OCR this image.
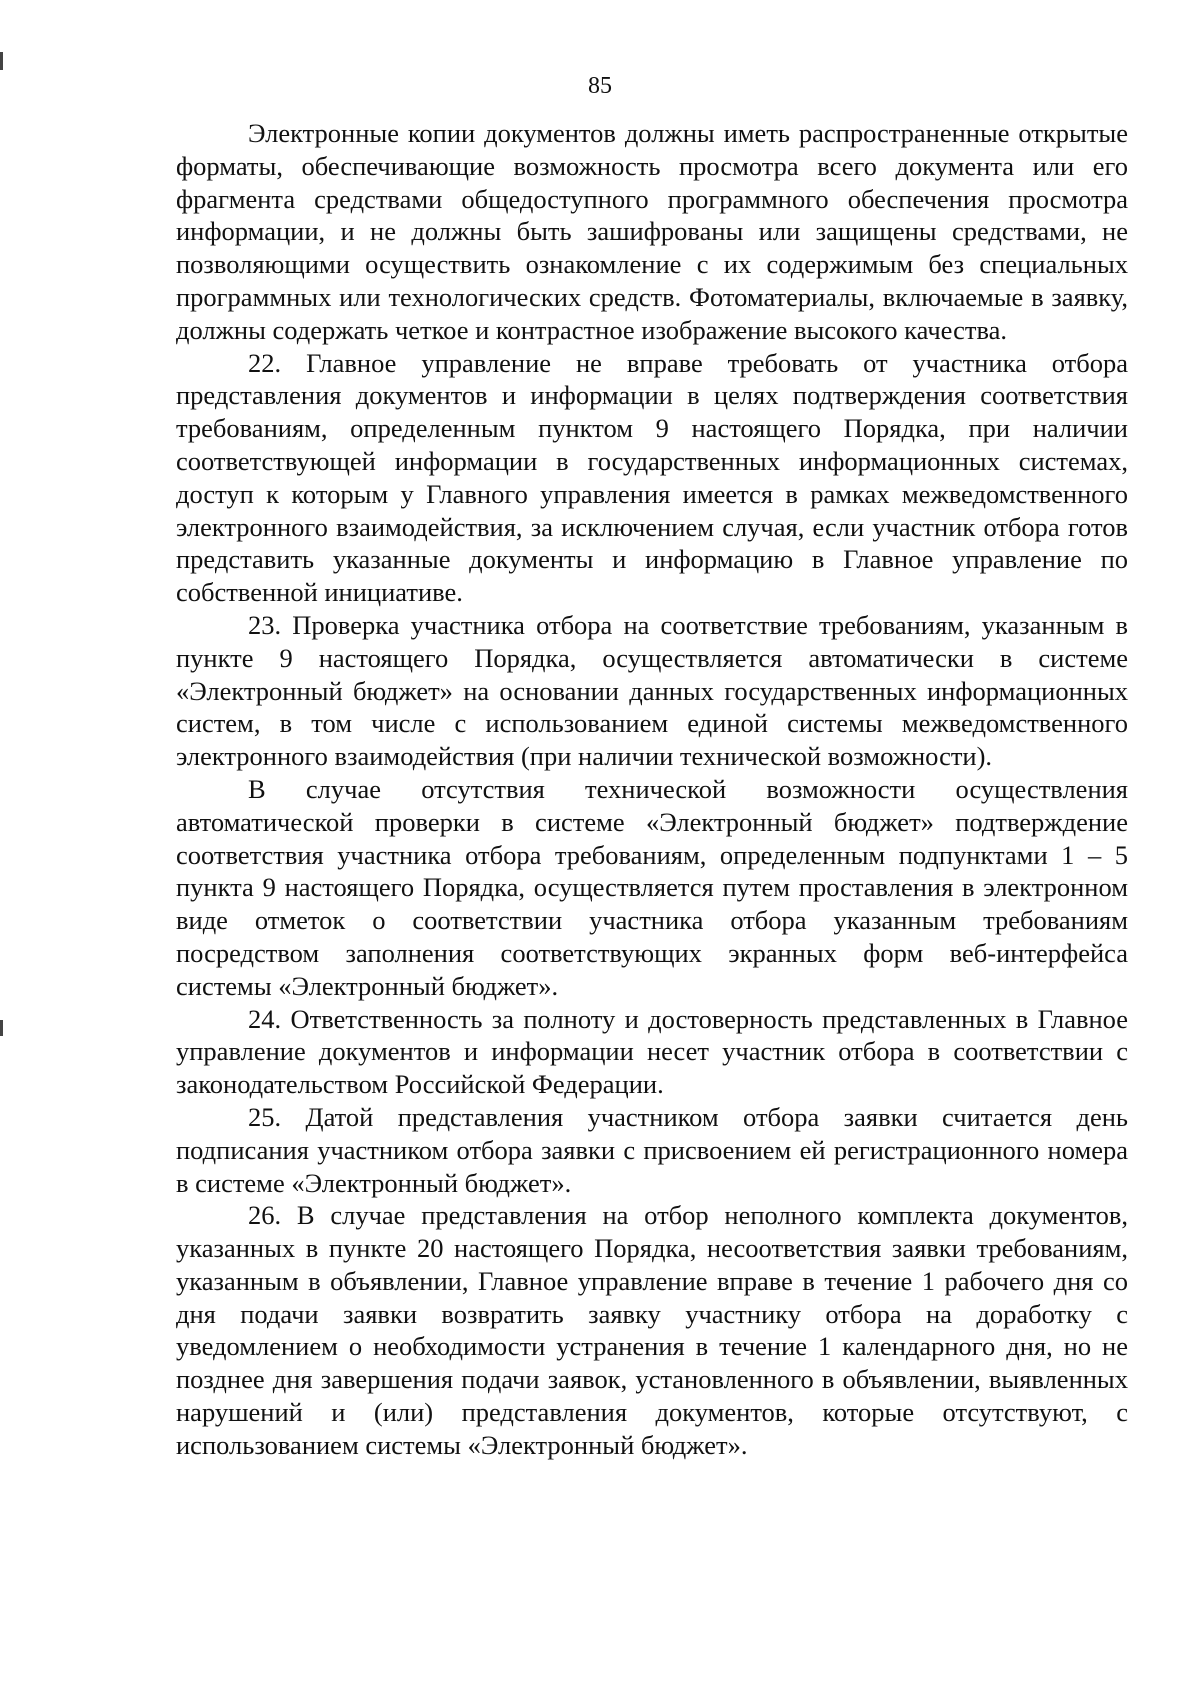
85

Электронные копии документов должны иметь распространенные открытые форматы, обеспечивающие возможность просмотра всего документа или его фрагмента средствами общедоступного программного обеспечения просмотра информации, и не должны быть зашифрованы или защищены средствами, не позволяющими осуществить ознакомление с их содержимым без специальных программных или технологических средств. Фотоматериалы, включаемые в заявку, должны содержать четкое и контрастное изображение высокого качества.

22. Главное управление не вправе требовать от участника отбора представления документов и информации в целях подтверждения соответствия требованиям, определенным пунктом 9 настоящего Порядка, при наличии соответствующей информации в государственных информационных системах, доступ к которым у Главного управления имеется в рамках межведомственного электронного взаимодействия, за исключением случая, если участник отбора готов представить указанные документы и информацию в Главное управление по собственной инициативе.

23. Проверка участника отбора на соответствие требованиям, указанным в пункте 9 настоящего Порядка, осуществляется автоматически в системе «Электронный бюджет» на основании данных государственных информационных систем, в том числе с использованием единой системы межведомственного электронного взаимодействия (при наличии технической возможности).

В случае отсутствия технической возможности осуществления автоматической проверки в системе «Электронный бюджет» подтверждение соответствия участника отбора требованиям, определенным подпунктами 1 – 5 пункта 9 настоящего Порядка, осуществляется путем проставления в электронном виде отметок о соответствии участника отбора указанным требованиям посредством заполнения соответствующих экранных форм веб-интерфейса системы «Электронный бюджет».

24. Ответственность за полноту и достоверность представленных в Главное управление документов и информации несет участник отбора в соответствии с законодательством Российской Федерации.

25. Датой представления участником отбора заявки считается день подписания участником отбора заявки с присвоением ей регистрационного номера в системе «Электронный бюджет».

26. В случае представления на отбор неполного комплекта документов, указанных в пункте 20 настоящего Порядка, несоответствия заявки требованиям, указанным в объявлении, Главное управление вправе в течение 1 рабочего дня со дня подачи заявки возвратить заявку участнику отбора на доработку с уведомлением о необходимости устранения в течение 1 календарного дня, но не позднее дня завершения подачи заявок, установленного в объявлении, выявленных нарушений и (или) представления документов, которые отсутствуют, с использованием системы «Электронный бюджет».
